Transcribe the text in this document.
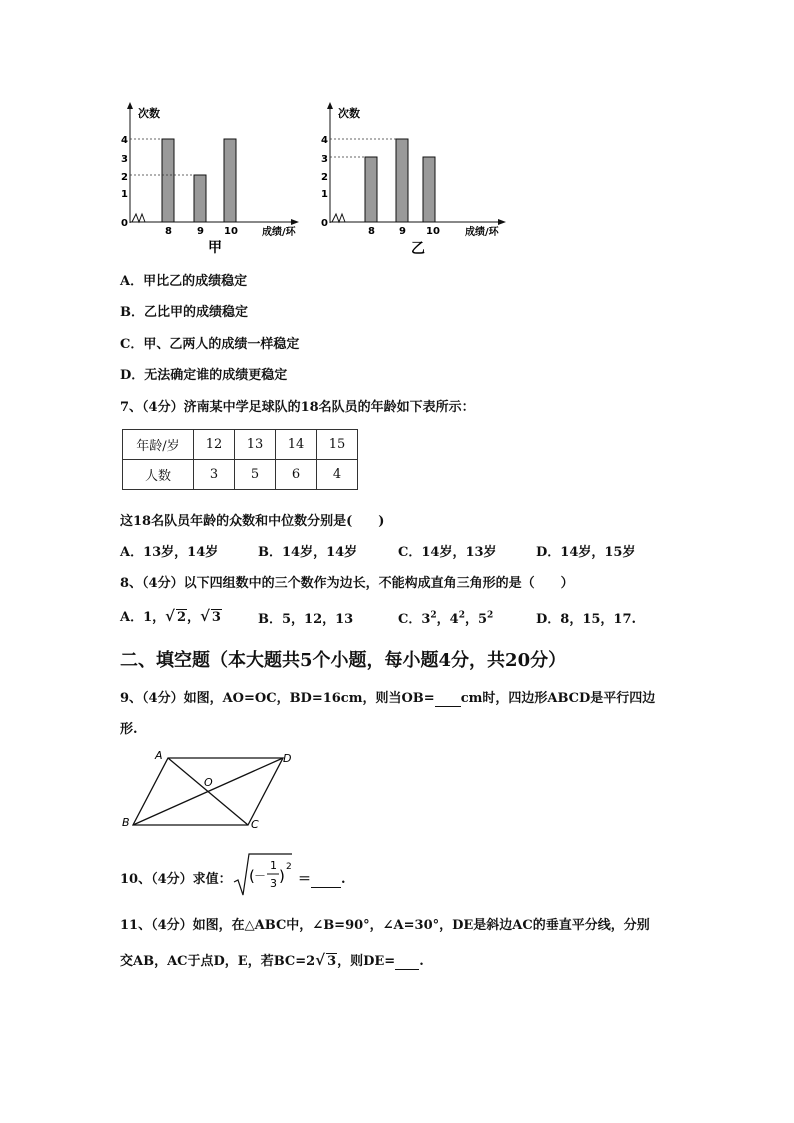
次数
0
1
2
3
4
8	9 10 成绩/环
甲
次数
0
1
2
3
4
8 9 10	成绩/环
乙
A．甲比乙的成绩稳定
B．乙比甲的成绩稳定
C．甲、乙两人的成绩一样稳定
D．无法确定谁的成绩更稳定
7、（4分）济南某中学足球队的18名队员的年龄如下表所示：
年龄/岁	12	13	14	15
人数	3	5	6	4
这18名队员年龄的众数和中位数分别是(　　)
A．13岁，14岁	B．14岁，14岁	C．14岁，13岁	D．14岁，15岁
8、（4分）以下四组数中的三个数作为边长，不能构成直角三角形的是（　　）
A．1，√ 2，√ 3	B．5，12，13	C．$3^2$，$4^2$，$5^2$	D．8，15，17.
二、填空题（本大题共5个小题，每小题4分，共20分）
9、（4分）如图，AO=OC，BD=16cm，则当OB= cm时，四边形ABCD是平行四边
形.
A	D
O
B	C
10、（4分）求值： ( －
1
3 ) 2
＝ .
11、（4分）如图，在△ABC中，∠B=90°，∠A=30°，DE是斜边AC的垂直平分线，分别
交AB，AC于点D，E，若BC=2√ 3，则DE= .
